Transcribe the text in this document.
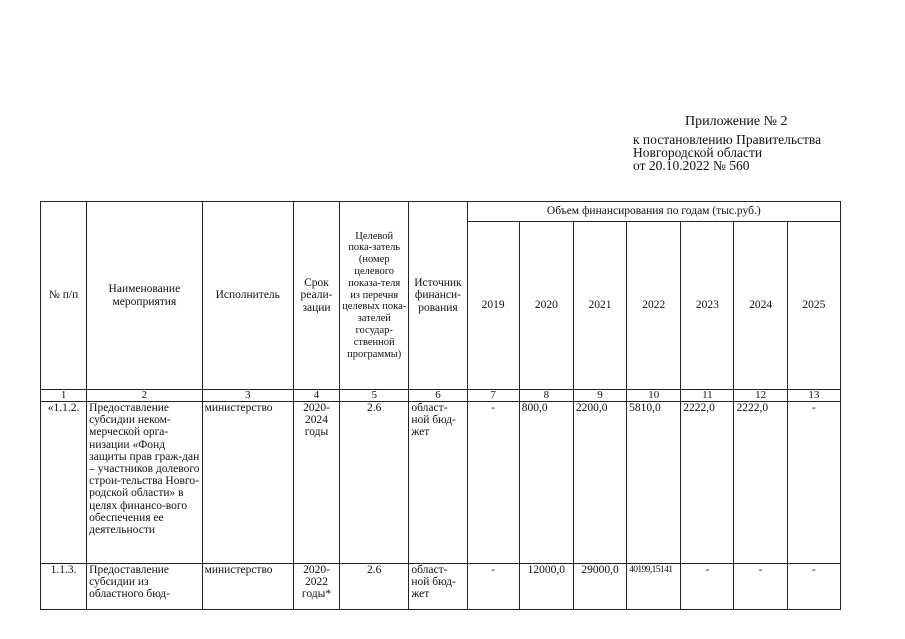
Приложение № 2
к постановлению Правительства
Новгородской области
от 20.10.2022 № 560
№ п/п	Наименование мероприятия	Исполнитель	Срок реали-зации	Целевой пока-затель (номер целевого показа-теля из перечня целевых пока-зателей государ-ственной программы)	Источник финанси-рования	Объем финансирования по годам (тыс.руб.)						
						2019	2020	2021	2022	2023	2024	2025
1	2	3	4	5	6	7	8	9	10	11	12	13
«1.1.2.	Предоставление субсидии неком-мерческой орга-низации «Фонд защиты прав граж-дан – участников долевого строи-тельства Новго-родской области» в целях финансо-вого обеспечения ее деятельности	министерство	2020-2024 годы	2.6	област-ной бюд-жет	-	800,0	2200,0	5810,0	2222,0	2222,0	-
1.1.3.	Предоставление субсидии из областного бюд-	министерство	2020-2022 годы*	2.6	област-ной бюд-жет	-	12000,0	29000,0	40199,15141	-	-	-
